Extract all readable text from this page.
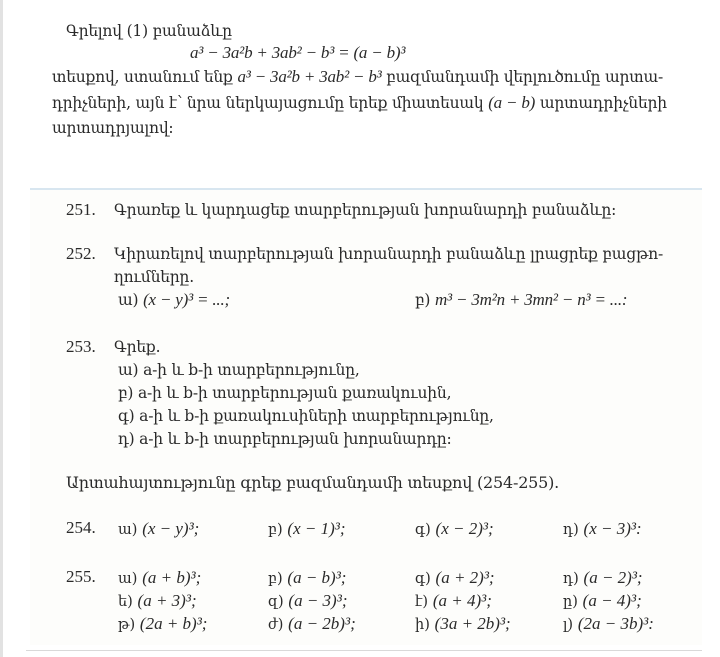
Գրելով (1) բանաձևը
a³ − 3a²b + 3ab² − b³ = (a − b)³
տեսքով, ստանում ենք a³ − 3a²b + 3ab² − b³ բազմանդամի վերլուծումը արտա-
դրիչների, այն է՝ նրա ներկայացումը երեք միատեսակ (a − b) արտադրիչների
արտադրյալով:
251. Գրառեք և կարդացեք տարբերության խորանարդի բանաձևը:
252. Կիրառելով տարբերության խորանարդի բանաձևը լրացրեք բացթո-
ղումները.
ա) (x − y)³ = ...;	բ) m³ − 3m²n + 3mn² − n³ = ...:
253. Գրեք.
ա) a-ի և b-ի տարբերությունը,
բ) a-ի և b-ի տարբերության քառակուսին,
գ) a-ի և b-ի քառակուսիների տարբերությունը,
դ) a-ի և b-ի տարբերության խորանարդը:
Արտահայտությունը գրեք բազմանդամի տեսքով (254-255).
254. ա) (x − y)³;	բ) (x − 1)³;	գ) (x − 2)³;	դ) (x − 3)³:
255. ա) (a + b)³;	բ) (a − b)³;	գ) (a + 2)³;	դ) (a − 2)³;
ե) (a + 3)³;	զ) (a − 3)³;	է) (a + 4)³;	ը) (a − 4)³;
թ) (2a + b)³;	ժ) (a − 2b)³;	ի) (3a + 2b)³;	լ) (2a − 3b)³:
